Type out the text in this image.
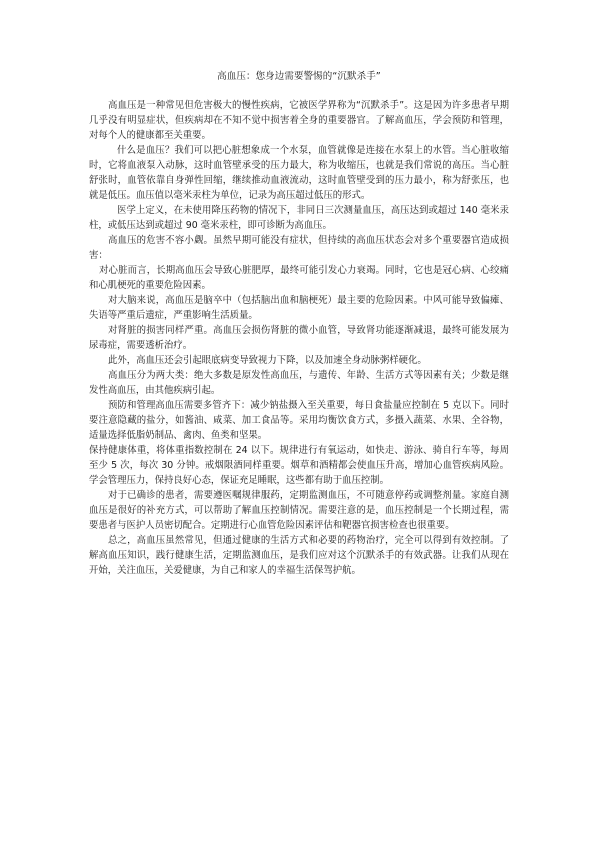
高血压：您身边需要警惕的“沉默杀手”

高血压是一种常见但危害极大的慢性疾病，它被医学界称为“沉默杀手”。这是因为许多患者早期几乎没有明显症状，但疾病却在不知不觉中损害着全身的重要器官。了解高血压，学会预防和管理，对每个人的健康都至关重要。

什么是血压？我们可以把心脏想象成一个水泵，血管就像是连接在水泵上的水管。当心脏收缩时，它将血液泵入动脉，这时血管壁承受的压力最大，称为收缩压，也就是我们常说的高压。当心脏舒张时，血管依靠自身弹性回缩，继续推动血液流动，这时血管壁受到的压力最小，称为舒张压，也就是低压。血压值以毫米汞柱为单位，记录为高压超过低压的形式。

医学上定义，在未使用降压药物的情况下，非同日三次测量血压，高压达到或超过 140 毫米汞柱，或低压达到或超过 90 毫米汞柱，即可诊断为高血压。

高血压的危害不容小觑。虽然早期可能没有症状，但持续的高血压状态会对多个重要器官造成损害：

对心脏而言，长期高血压会导致心脏肥厚，最终可能引发心力衰竭。同时，它也是冠心病、心绞痛和心肌梗死的重要危险因素。

对大脑来说，高血压是脑卒中（包括脑出血和脑梗死）最主要的危险因素。中风可能导致偏瘫、失语等严重后遗症，严重影响生活质量。

对肾脏的损害同样严重。高血压会损伤肾脏的微小血管，导致肾功能逐渐减退，最终可能发展为尿毒症，需要透析治疗。

此外，高血压还会引起眼底病变导致视力下降，以及加速全身动脉粥样硬化。

高血压分为两大类：绝大多数是原发性高血压，与遗传、年龄、生活方式等因素有关；少数是继发性高血压，由其他疾病引起。

预防和管理高血压需要多管齐下：减少钠盐摄入至关重要，每日食盐量应控制在 5 克以下。同时要注意隐藏的盐分，如酱油、咸菜、加工食品等。采用均衡饮食方式，多摄入蔬菜、水果、全谷物，适量选择低脂奶制品、禽肉、鱼类和坚果。

保持健康体重，将体重指数控制在 24 以下。规律进行有氧运动，如快走、游泳、骑自行车等，每周至少 5 次，每次 30 分钟。戒烟限酒同样重要。烟草和酒精都会使血压升高，增加心血管疾病风险。学会管理压力，保持良好心态，保证充足睡眠，这些都有助于血压控制。

对于已确诊的患者，需要遵医嘱规律服药，定期监测血压，不可随意停药或调整剂量。家庭自测血压是很好的补充方式，可以帮助了解血压控制情况。需要注意的是，血压控制是一个长期过程，需要患者与医护人员密切配合。定期进行心血管危险因素评估和靶器官损害检查也很重要。

总之，高血压虽然常见，但通过健康的生活方式和必要的药物治疗，完全可以得到有效控制。了解高血压知识，践行健康生活，定期监测血压，是我们应对这个沉默杀手的有效武器。让我们从现在开始，关注血压，关爱健康，为自己和家人的幸福生活保驾护航。
